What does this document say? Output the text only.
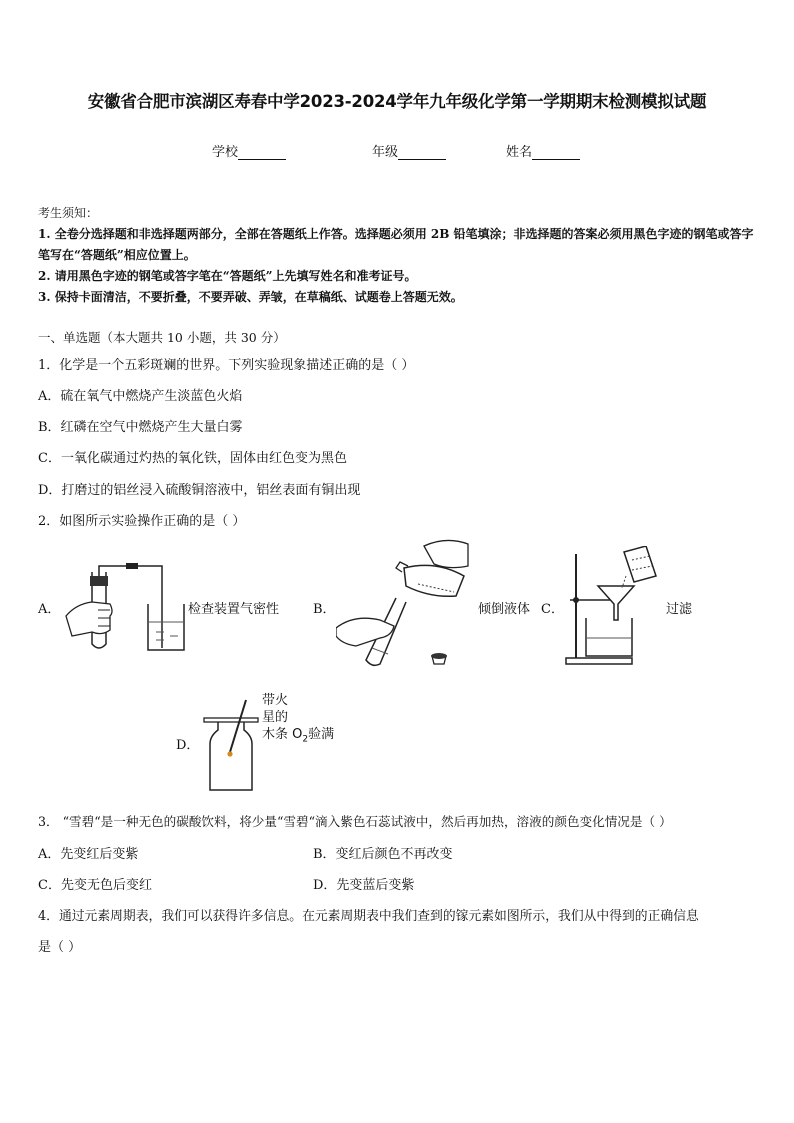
安徽省合肥市滨湖区寿春中学2023-2024学年九年级化学第一学期期末检测模拟试题
学校	年级	姓名

考生须知：

1. 全卷分选择题和非选择题两部分，全部在答题纸上作答。选择题必须用 2B 铅笔填涂；非选择题的答案必须用黑色字迹的钢笔或答字笔写在“答题纸”相应位置上。

2. 请用黑色字迹的钢笔或答字笔在“答题纸”上先填写姓名和准考证号。

3. 保持卡面清洁，不要折叠，不要弄破、弄皱，在草稿纸、试题卷上答题无效。

一、单选题（本大题共 10 小题，共 30 分）
1．化学是一个五彩斑斓的世界。下列实验现象描述正确的是（ ）
A．硫在氧气中燃烧产生淡蓝色火焰
B．红磷在空气中燃烧产生大量白雾
C．一氧化碳通过灼热的氧化铁，固体由红色变为黑色
D．打磨过的铝丝浸入硫酸铜溶液中，铝丝表面有铜出现
2．如图所示实验操作正确的是（ ）
A．	检查装置气密性	B．	倾倒液体 C．	过滤
D．
带火
星的
木条 $O_2$验满
3． “雪碧“是一种无色的碳酸饮料，将少量“雪碧“滴入紫色石蕊试液中，然后再加热，溶液的颜色变化情况是（ ）
A．先变红后变紫	B．变红后颜色不再改变
C．先变无色后变红	D．先变蓝后变紫
4．通过元素周期表，我们可以获得许多信息。在元素周期表中我们查到的镓元素如图所示，我们从中得到的正确信息
是（ ）
